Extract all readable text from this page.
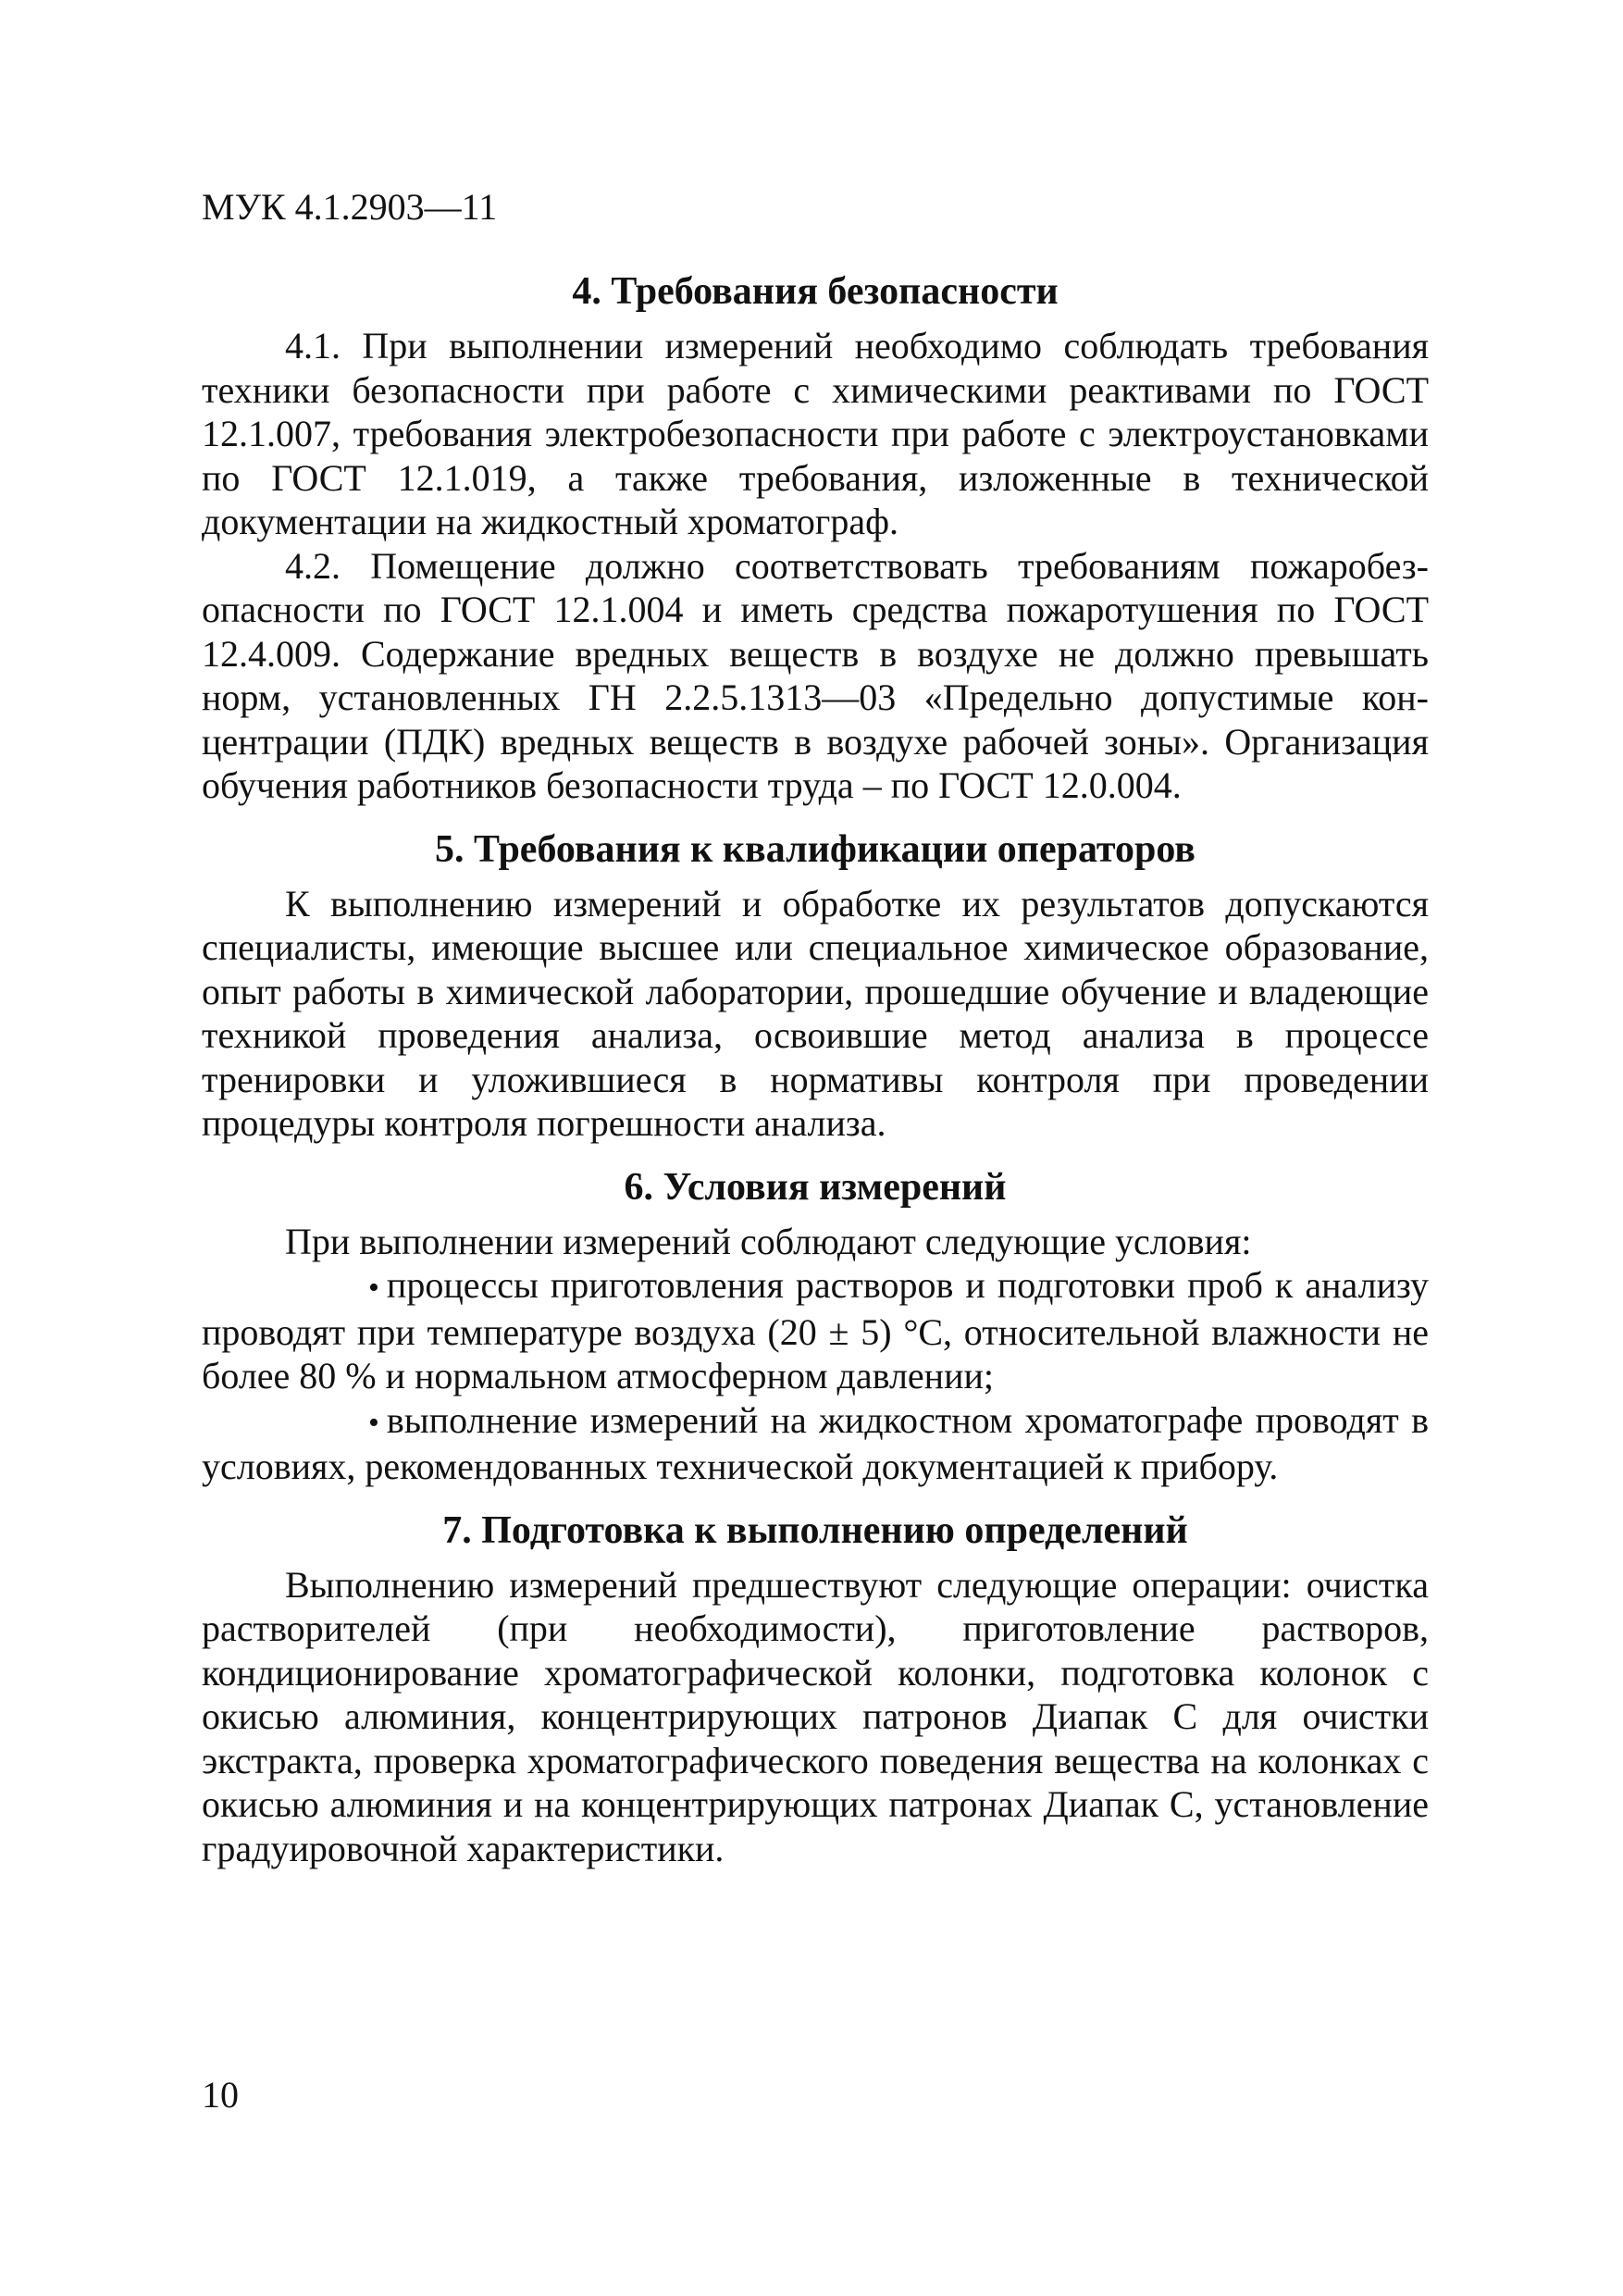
МУК 4.1.2903—11

4. Требования безопасности

4.1. При выполнении измерений необходимо соблюдать требования техники безопасности при работе с химическими реактивами по ГОСТ 12.1.007, требования электробезопасности при работе с электроустановками по ГОСТ 12.1.019, а также требования, изложенные в технической документации на жидкостный хроматограф.

4.2. Помещение должно соответствовать требованиям пожаробезопасности по ГОСТ 12.1.004 и иметь средства пожаротушения по ГОСТ 12.4.009. Содержание вредных веществ в воздухе не должно превышать норм, установленных ГН 2.2.5.1313—03 «Предельно допустимые концентрации (ПДК) вредных веществ в воздухе рабочей зоны». Организация обучения работников безопасности труда – по ГОСТ 12.0.004.

5. Требования к квалификации операторов

К выполнению измерений и обработке их результатов допускаются специалисты, имеющие высшее или специальное химическое образование, опыт работы в химической лаборатории, прошедшие обучение и владеющие техникой проведения анализа, освоившие метод анализа в процессе тренировки и уложившиеся в нормативы контроля при проведении процедуры контроля погрешности анализа.

6. Условия измерений

При выполнении измерений соблюдают следующие условия:

• процессы приготовления растворов и подготовки проб к анализу проводят при температуре воздуха (20 ± 5) °С, относительной влажности не более 80 % и нормальном атмосферном давлении;

• выполнение измерений на жидкостном хроматографе проводят в условиях, рекомендованных технической документацией к прибору.

7. Подготовка к выполнению определений

Выполнению измерений предшествуют следующие операции: очистка растворителей (при необходимости), приготовление растворов, кондиционирование хроматографической колонки, подготовка колонок с окисью алюминия, концентрирующих патронов Диапак С для очистки экстракта, проверка хроматографического поведения вещества на колонках с окисью алюминия и на концентрирующих патронах Диапак С, установление градуировочной характеристики.

10
